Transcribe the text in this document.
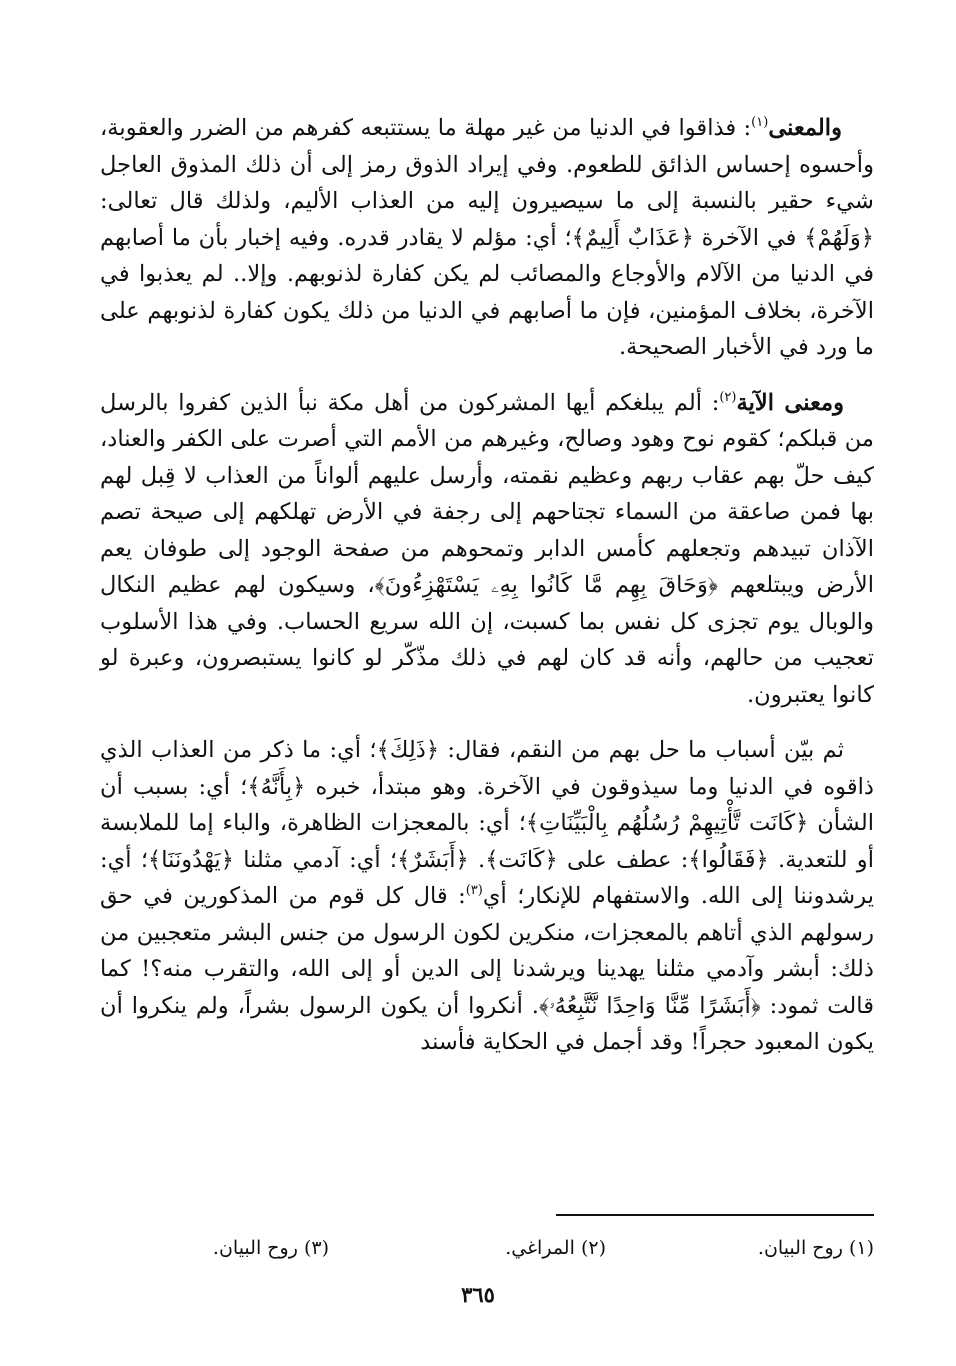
والمعنى$^{(١)}$: فذاقوا في الدنيا من غير مهلة ما يستتبعه كفرهم من الضرر والعقوبة، وأحسوه إحساس الذائق للطعوم. وفي إيراد الذوق رمز إلى أن ذلك المذوق العاجل شيء حقير بالنسبة إلى ما سيصيرون إليه من العذاب الأليم، ولذلك قال تعالى: ﴿وَلَهُمْ﴾ في الآخرة ﴿عَذَابٌ أَلِيمٌ﴾؛ أي: مؤلم لا يقادر قدره. وفيه إخبار بأن ما أصابهم في الدنيا من الآلام والأوجاع والمصائب لم يكن كفارة لذنوبهم. وإلا.. لم يعذبوا في الآخرة، بخلاف المؤمنين، فإن ما أصابهم في الدنيا من ذلك يكون كفارة لذنوبهم على ما ورد في الأخبار الصحيحة.

ومعنى الآية$^{(٢)}$: ألم يبلغكم أيها المشركون من أهل مكة نبأ الذين كفروا بالرسل من قبلكم؛ كقوم نوح وهود وصالح، وغيرهم من الأمم التي أصرت على الكفر والعناد، كيف حلّ بهم عقاب ربهم وعظيم نقمته، وأرسل عليهم ألواناً من العذاب لا قِبل لهم بها فمن صاعقة من السماء تجتاحهم إلى رجفة في الأرض تهلكهم إلى صيحة تصم الآذان تبيدهم وتجعلهم كأمس الدابر وتمحوهم من صفحة الوجود إلى طوفان يعم الأرض ويبتلعهم ﴿وَحَاقَ بِهِم مَّا كَانُوا بِهِۦ يَسْتَهْزِءُونَ﴾، وسيكون لهم عظيم النكال والوبال يوم تجزى كل نفس بما كسبت، إن الله سريع الحساب. وفي هذا الأسلوب تعجيب من حالهم، وأنه قد كان لهم في ذلك مذّكّر لو كانوا يستبصرون، وعبرة لو كانوا يعتبرون.

ثم بيّن أسباب ما حل بهم من النقم، فقال: ﴿ذَلِكَ﴾؛ أي: ما ذكر من العذاب الذي ذاقوه في الدنيا وما سيذوقون في الآخرة. وهو مبتدأ، خبره ﴿بِأَنَّهُ﴾؛ أي: بسبب أن الشأن ﴿كَانَت تَّأْتِيهِمْ رُسُلُهُم بِالْبَيِّنَاتِ﴾؛ أي: بالمعجزات الظاهرة، والباء إما للملابسة أو للتعدية. ﴿فَقَالُوا﴾: عطف على ﴿كَانَت﴾. ﴿أَبَشَرٌ﴾؛ أي: آدمي مثلنا ﴿يَهْدُونَنَا﴾؛ أي: يرشدوننا إلى الله. والاستفهام للإنكار؛ أي$^{(٣)}$: قال كل قوم من المذكورين في حق رسولهم الذي أتاهم بالمعجزات، منكرين لكون الرسول من جنس البشر متعجبين من ذلك: أبشر وآدمي مثلنا يهدينا ويرشدنا إلى الدين أو إلى الله، والتقرب منه؟! كما قالت ثمود: ﴿أَبَشَرًا مِّنَّا وَاحِدًا نَّتَّبِعُهُۥ﴾. أنكروا أن يكون الرسول بشراً، ولم ينكروا أن يكون المعبود حجراً! وقد أجمل في الحكاية فأسند

(١) روح البيان.
(٢) المراغي.
(٣) روح البيان.
٣٦٥
